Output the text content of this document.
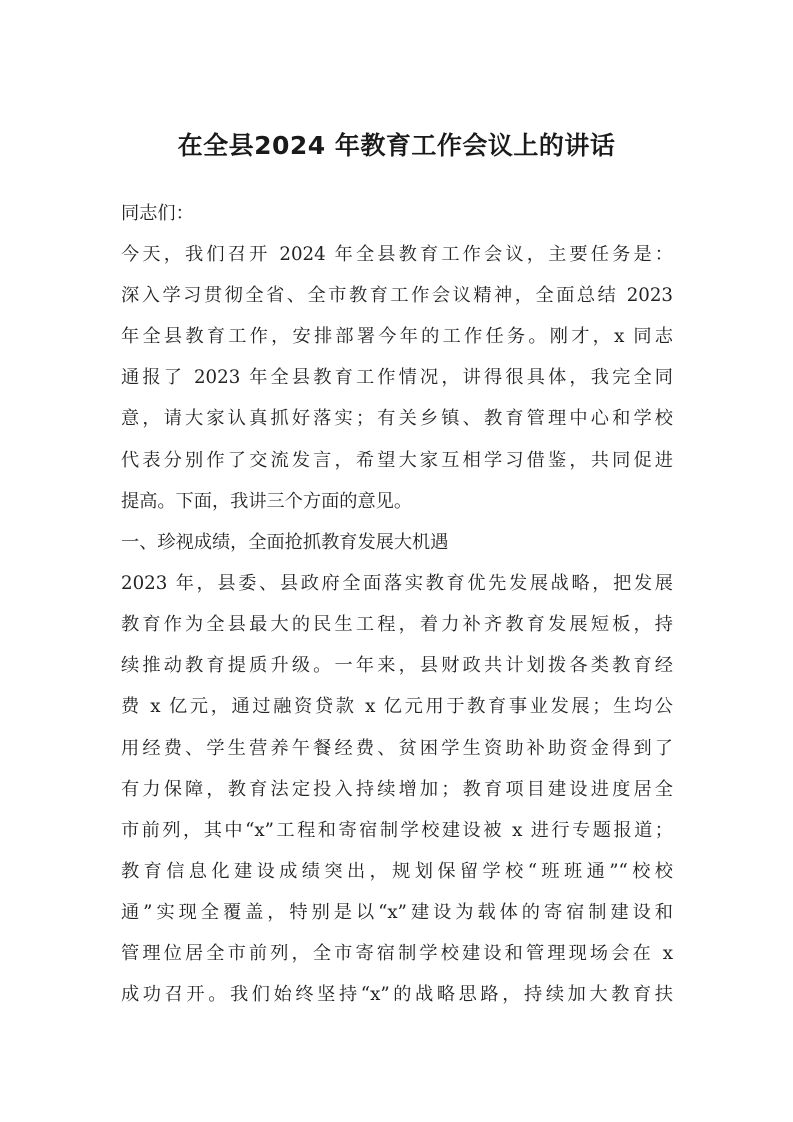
在全县2024 年教育工作会议上的讲话
同志们：
今天，我们召开 2024 年全县教育工作会议，主要任务是：
深入学习贯彻全省、全市教育工作会议精神，全面总结 2023
年全县教育工作，安排部署今年的工作任务。刚才，x 同志
通报了 2023 年全县教育工作情况，讲得很具体，我完全同
意，请大家认真抓好落实；有关乡镇、教育管理中心和学校
代表分别作了交流发言，希望大家互相学习借鉴，共同促进
提高。下面，我讲三个方面的意见。
一、珍视成绩，全面抢抓教育发展大机遇
2023 年，县委、县政府全面落实教育优先发展战略，把发展
教育作为全县最大的民生工程，着力补齐教育发展短板，持
续推动教育提质升级。一年来，县财政共计划拨各类教育经
费 x 亿元，通过融资贷款 x 亿元用于教育事业发展；生均公
用经费、学生营养午餐经费、贫困学生资助补助资金得到了
有力保障，教育法定投入持续增加；教育项目建设进度居全
市前列，其中“x”工程和寄宿制学校建设被 x 进行专题报道；
教育信息化建设成绩突出，规划保留学校“班班通”“校校
通”实现全覆盖，特别是以“x”建设为载体的寄宿制建设和
管理位居全市前列，全市寄宿制学校建设和管理现场会在 x
成功召开。我们始终坚持“x”的战略思路，持续加大教育扶
